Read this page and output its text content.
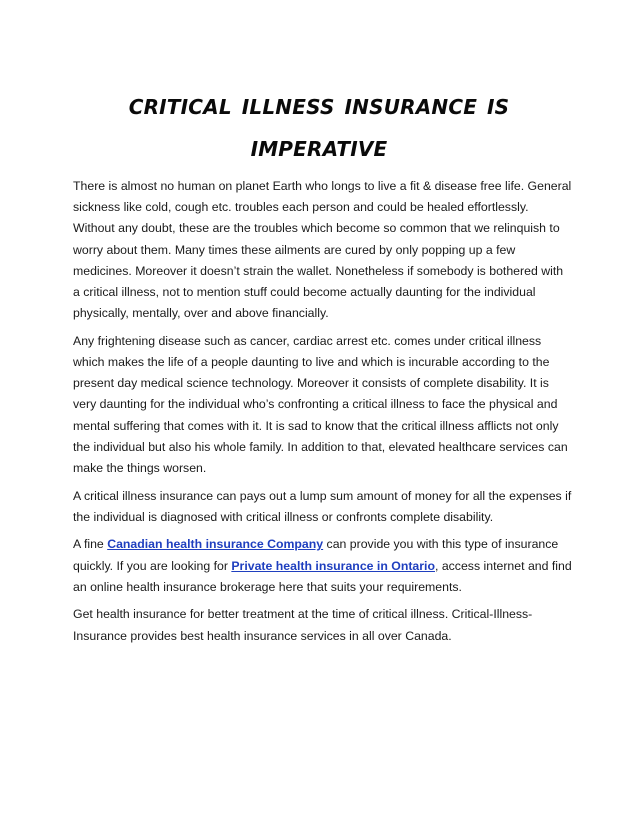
critical illness insurance is
imperative

There is almost no human on planet Earth who longs to live a fit & disease free life. General sickness like cold, cough etc. troubles each person and could be healed effortlessly. Without any doubt, these are the troubles which become so common that we relinquish to worry about them. Many times these ailments are cured by only popping up a few medicines. Moreover it doesn’t strain the wallet. Nonetheless if somebody is bothered with a critical illness, not to mention stuff could become actually daunting for the individual physically, mentally, over and above financially.

Any frightening disease such as cancer, cardiac arrest etc. comes under critical illness which makes the life of a people daunting to live and which is incurable according to the present day medical science technology. Moreover it consists of complete disability. It is very daunting for the individual who’s confronting a critical illness to face the physical and mental suffering that comes with it. It is sad to know that the critical illness afflicts not only the individual but also his whole family. In addition to that, elevated healthcare services can make the things worsen.

A critical illness insurance can pays out a lump sum amount of money for all the expenses if the individual is diagnosed with critical illness or confronts complete disability.

A fine Canadian health insurance Company can provide you with this type of insurance quickly. If you are looking for Private health insurance in Ontario, access internet and find an online health insurance brokerage here that suits your requirements.

Get health insurance for better treatment at the time of critical illness. Critical-Illness-Insurance provides best health insurance services in all over Canada.
